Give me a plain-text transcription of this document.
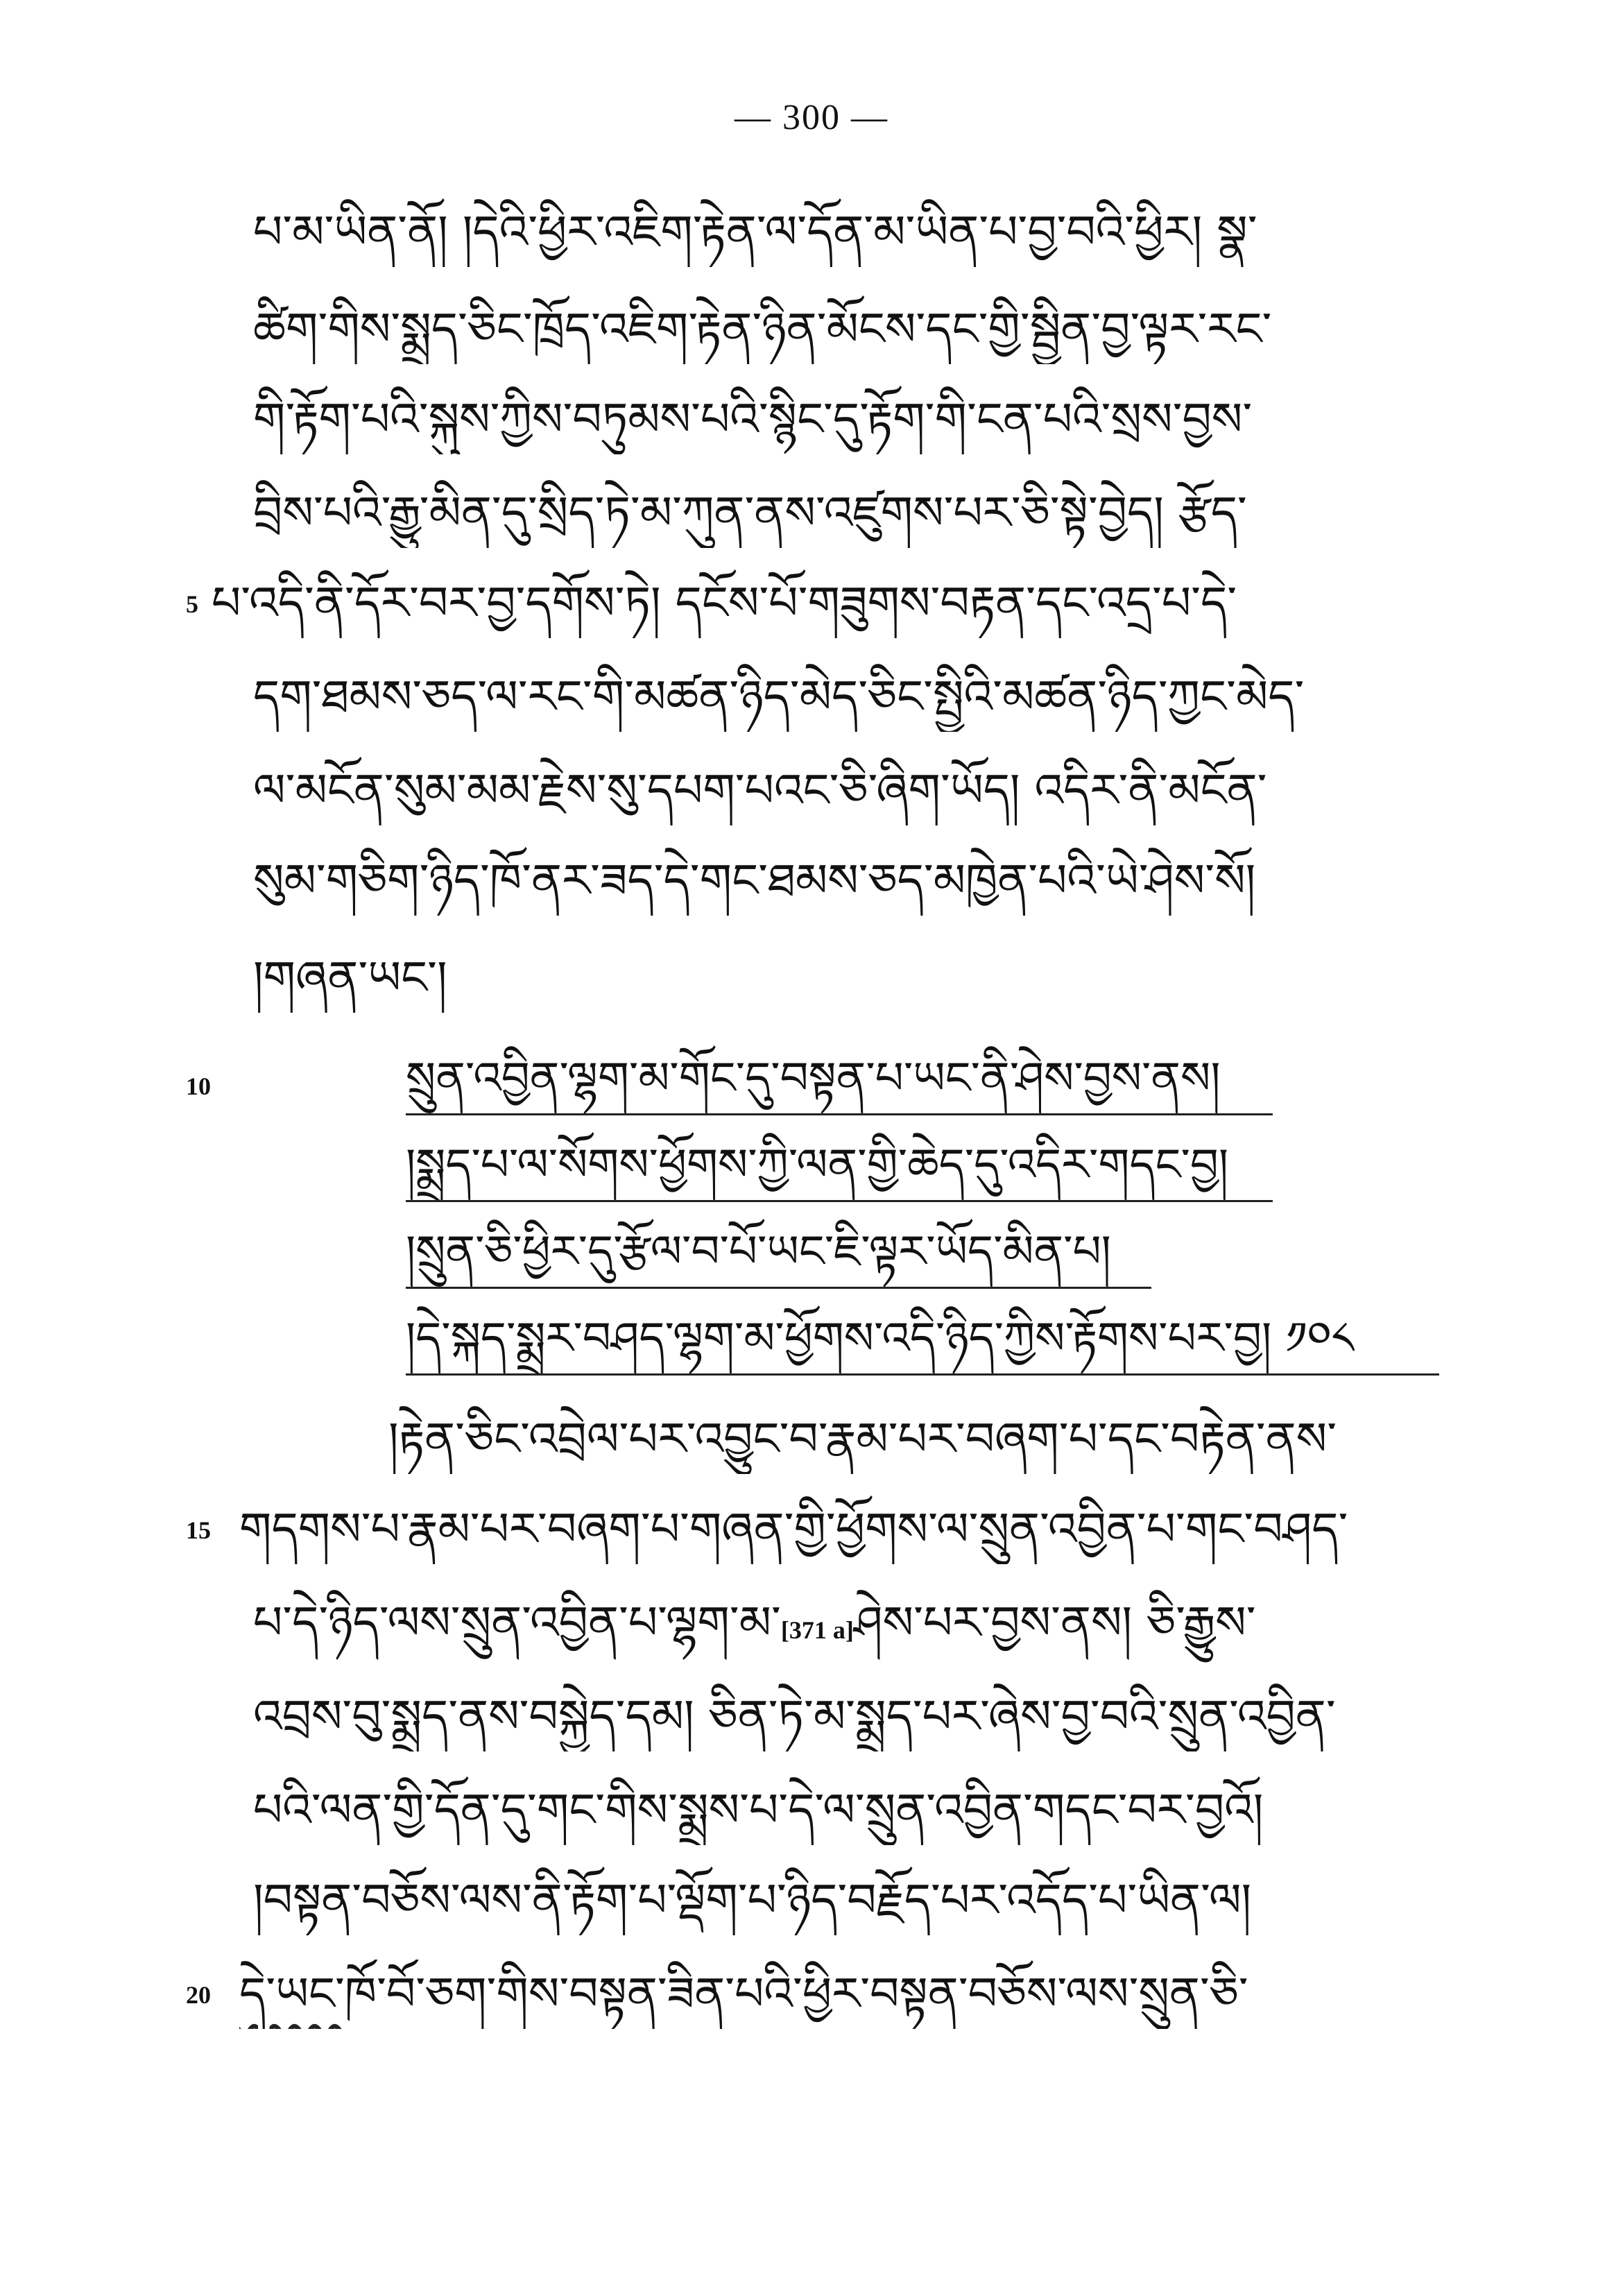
— 300 —
པ་མ་ཡིན་ནོ། །དེའི་ཕྱིར་འཇིག་རྟེན་ལ་དོན་མ་ཡིན་པ་བྱ་བའི་ཕྱིར། སྣ་
ཚིག་གིས་སྨྲད་ཅིང་ཁྲོད་འཇིག་རྟེན་ཉིན་མོངས་དང་གྱི་སྦྱིན་བྱ་ལྟར་རང་
གི་རྟོག་པའི་སྐུས་ཀྱིས་བཏུམས་པའི་སྙིང་དུ་རྟོག་གི་ངན་པའི་སྲས་བྱས་
བྲིས་པའི་རྒྱུ་མིན་དུ་སྲིད་ཏེ་མ་ཀུན་ནས་འཛུགས་པར་ཅི་སྟེ་བྱེད། རྩོད་
5 པ་འདི་ནི་དོར་བར་བྱ་དགོས་ཏེ། དངོས་པོ་གཟུགས་བརྟན་དང་འདྲ་པ་དེ་
དག་ཐམས་ཅད་ལ་རང་གི་མཚན་ཉིད་མེད་ཅིང་སྤྱིའི་མཚན་ཉིད་ཀྱང་མེད་
ལ་མངོན་སུམ་མམ་རྗེས་སུ་དཔག་པའང་ཅི་ཞིག་ཡོད། འདིར་ནི་མངོན་
སུམ་གཅིག་ཉིད་ཁོ་ནར་ཟད་དེ་གང་ཐམས་ཅད་མཁྱེན་པའི་ཡེ་ཤེས་སོ།
།གཞན་ཡང་།
10	སྲུན་འབྱིན་ལྷག་མ་གོང་དུ་བསྟན་པ་ཡང་ནི་ཤེས་བྱས་ནས།
།སྨྲད་པ་ལ་སོགས་ཕྱོགས་ཀྱི་ལན་གྱི་ཆེད་དུ་འདིར་གདང་བྱ།
།སྲུན་ཅི་ཕྱིར་དུ་རྩོལ་བ་པོ་ཡང་ཇི་ལྟར་ཡོད་མིན་པ།
།དེ་སྐད་སྨྲར་བཤད་ལྷག་མ་ཕྱོགས་འདི་ཉིད་ཀྱིས་རྟོགས་པར་བྱ། ༡༠༨
།རྟེན་ཅིང་འབྲེལ་པར་འབྱུང་བ་རྣམ་པར་བཞག་པ་དང་བརྟེན་ནས་
15 གདགས་པ་རྣམ་པར་བཞག་པ་གཞན་གྱི་ཕྱོགས་ལ་སྲུན་འབྱིན་པ་གང་བཤད་
པ་དེ་ཉིད་ལས་སྲུན་འབྱིན་པ་ལྷག་མ་[371 a]ཤེས་པར་བྱས་ནས། ཅི་རྒྱུས་
འབྲས་བུ་སྨྲད་ནས་བསྐྱེད་དམ། ཅིན་ཏེ་མ་སྨྲད་པར་ཞེས་བྱ་བའི་སྲུན་འབྱིན་
པའི་ལན་གྱི་དོན་དུ་གང་གིས་སྨྲས་པ་དེ་ལ་སྲུན་འབྱིན་གདང་བར་བྱའོ།
།བསྟན་བཅོས་ལས་ནི་རྟོག་པ་ལྡོག་པ་ཉིད་བརྗོད་པར་འདོད་པ་ཡིན་ལ།
20 དེ་ཡང་ཁོ་བོ་ཅག་གིས་བསྟན་ཟིན་པའི་ཕྱིར་བསྟན་བཅོས་ལས་སྲུན་ཅི་
